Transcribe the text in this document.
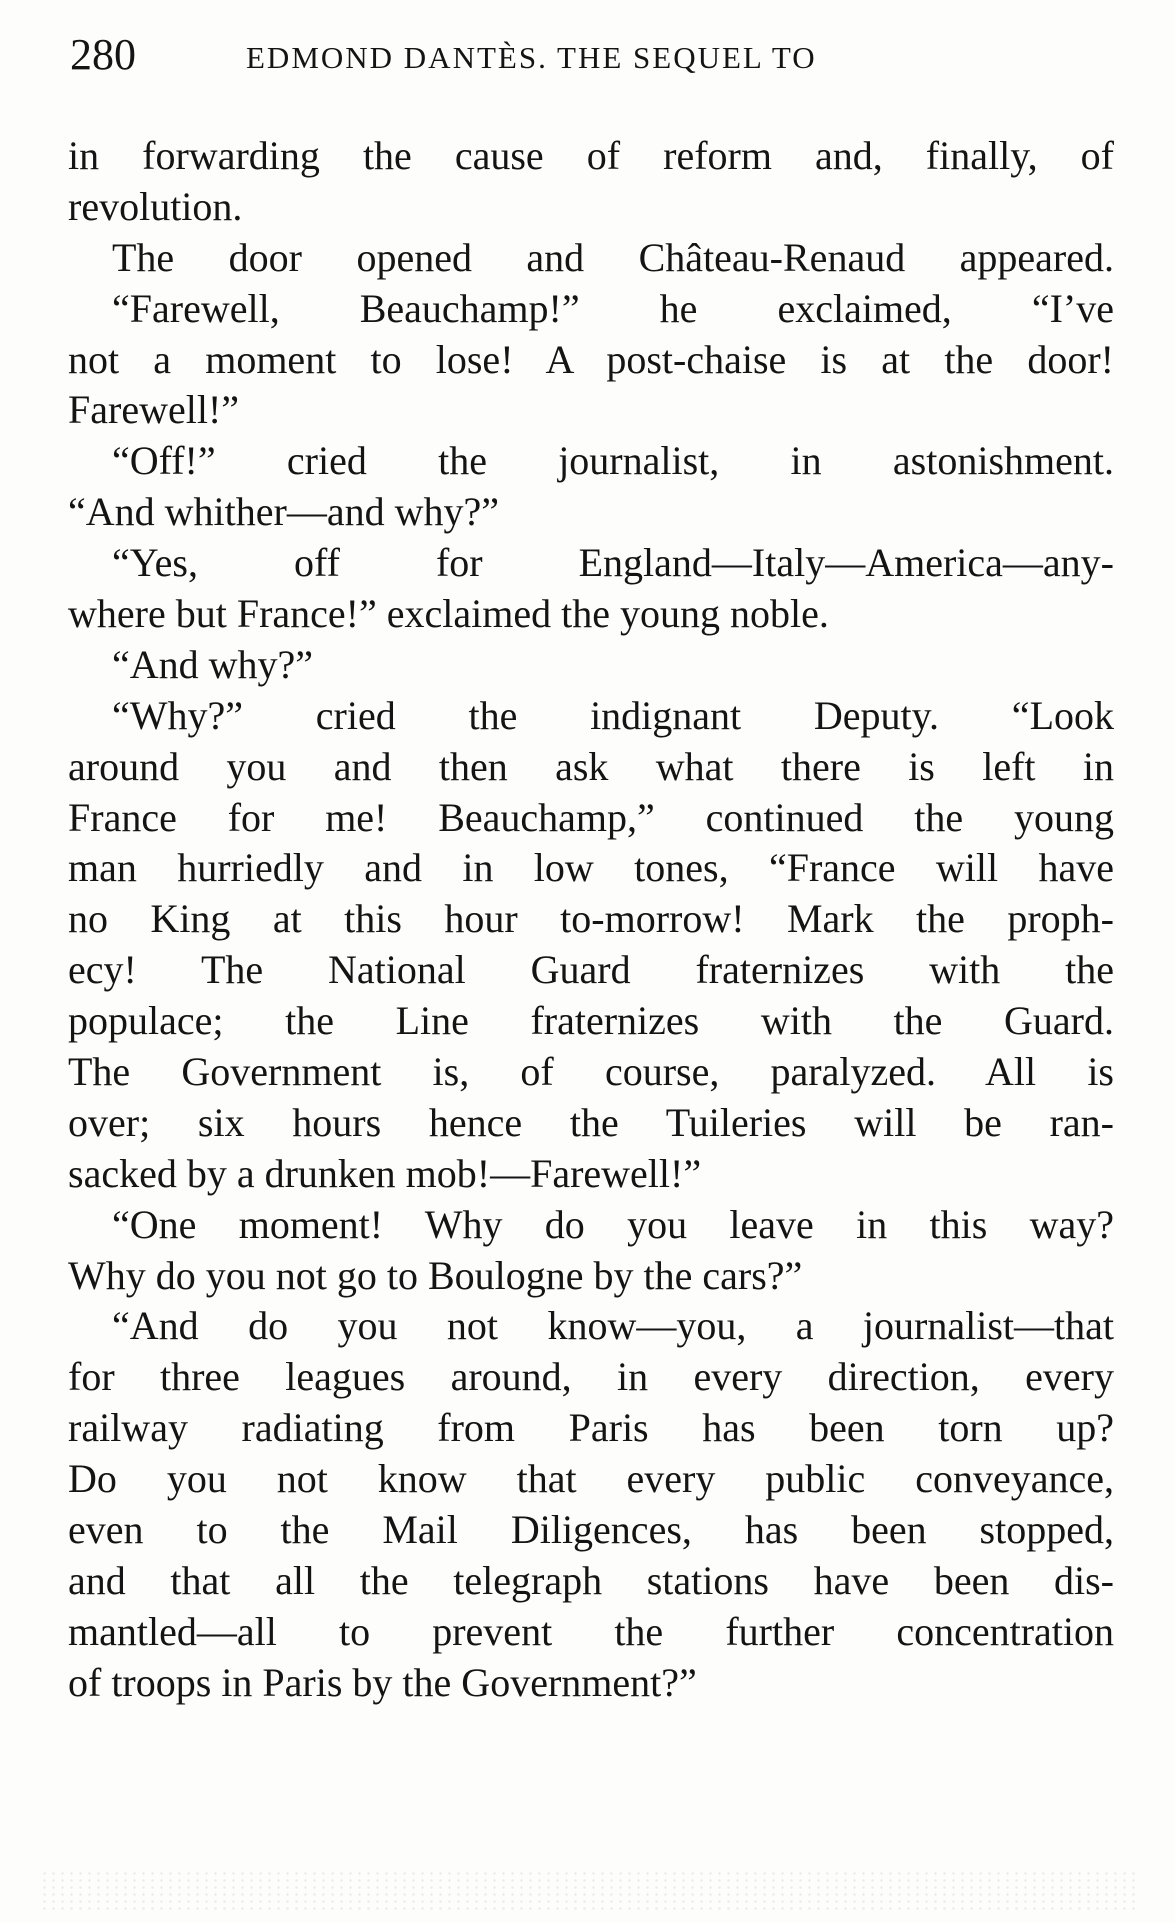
280	EDMOND DANTÈS. THE SEQUEL TO
in forwarding the cause of reform and, finally, of
revolution.
The door opened and Château-Renaud appeared.
“Farewell, Beauchamp!” he exclaimed, “I’ve
not a moment to lose! A post-chaise is at the door!
Farewell!”
“Off!” cried the journalist, in astonishment.
“And whither—and why?”
“Yes, off for England—Italy—America—any-
where but France!” exclaimed the young noble.
“And why?”
“Why?” cried the indignant Deputy. “Look
around you and then ask what there is left in
France for me! Beauchamp,” continued the young
man hurriedly and in low tones, “France will have
no King at this hour to-morrow! Mark the proph-
ecy! The National Guard fraternizes with the
populace; the Line fraternizes with the Guard.
The Government is, of course, paralyzed. All is
over; six hours hence the Tuileries will be ran-
sacked by a drunken mob!—Farewell!”
“One moment! Why do you leave in this way?
Why do you not go to Boulogne by the cars?”
“And do you not know—you, a journalist—that
for three leagues around, in every direction, every
railway radiating from Paris has been torn up?
Do you not know that every public conveyance,
even to the Mail Diligences, has been stopped,
and that all the telegraph stations have been dis-
mantled—all to prevent the further concentration
of troops in Paris by the Government?”
